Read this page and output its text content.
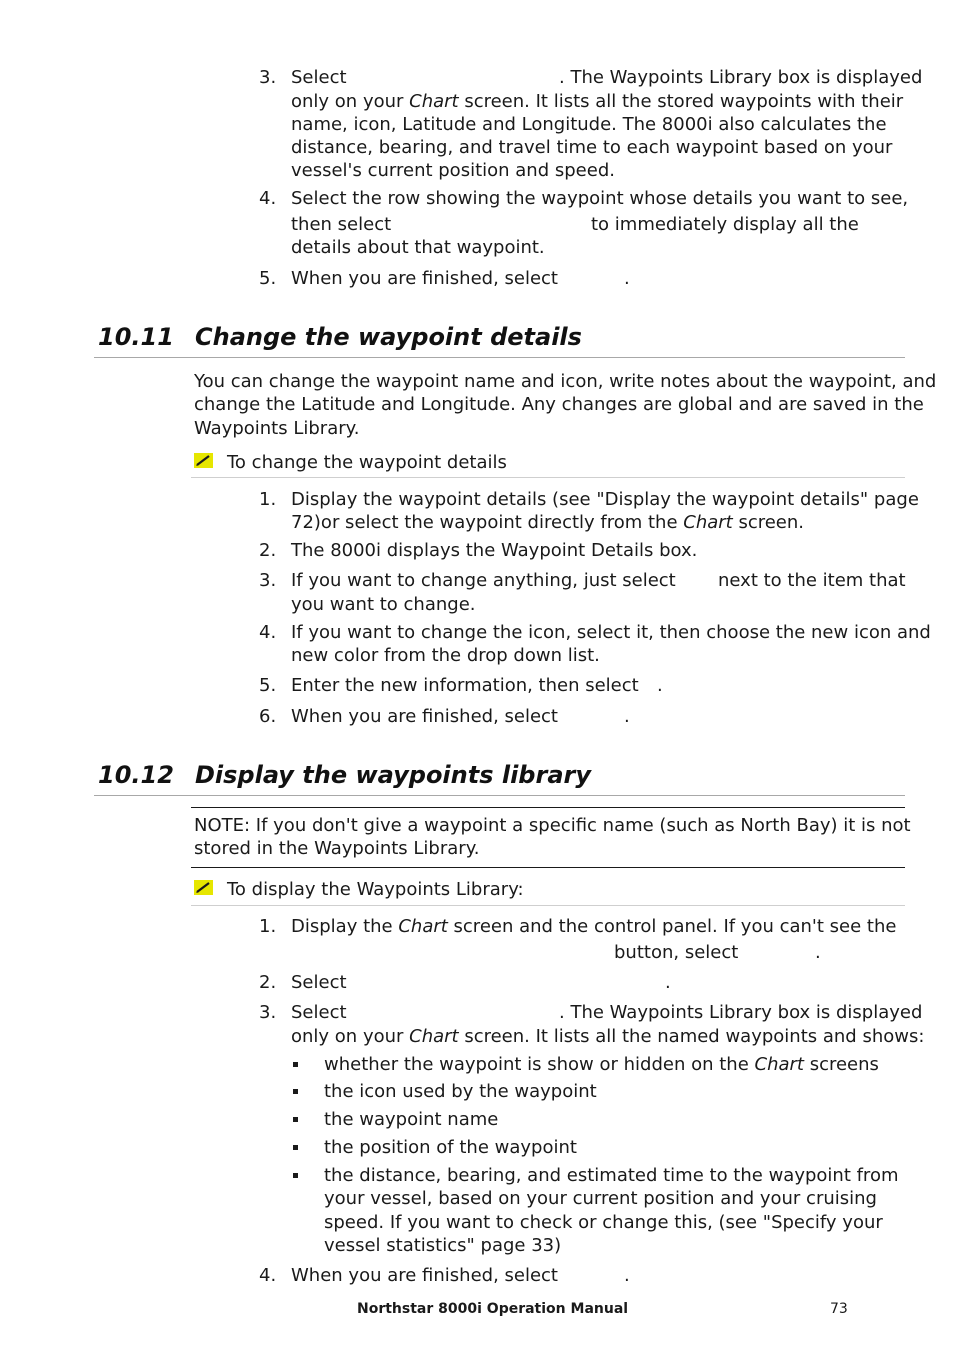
3. Select	. The Waypoints Library box is displayed
only on your Chart screen. It lists all the stored waypoints with their
name, icon, Latitude and Longitude. The 8000i also calculates the
distance, bearing, and travel time to each waypoint based on your
vessel's current position and speed.
4. Select the row showing the waypoint whose details you want to see,
then select	to immediately display all the
details about that waypoint.
5. When you are finished, select	.
10.11 Change the waypoint details
You can change the waypoint name and icon, write notes about the waypoint, and
change the Latitude and Longitude. Any changes are global and are saved in the
Waypoints Library.
To change the waypoint details
1. Display the waypoint details (see "Display the waypoint details" page
72)or select the waypoint directly from the Chart screen.
2. The 8000i displays the Waypoint Details box.
3. If you want to change anything, just select next to the item that
you want to change.
4. If you want to change the icon, select it, then choose the new icon and
new color from the drop down list.
5. Enter the new information, then select .
6. When you are finished, select	.
10.12 Display the waypoints library
NOTE: If you don't give a waypoint a specific name (such as North Bay) it is not
stored in the Waypoints Library.
To display the Waypoints Library:
1. Display the Chart screen and the control panel. If you can't see the
button, select	.
2. Select	.
3. Select	. The Waypoints Library box is displayed
only on your Chart screen. It lists all the named waypoints and shows:
whether the waypoint is show or hidden on the Chart screens
the icon used by the waypoint
the waypoint name
the position of the waypoint
the distance, bearing, and estimated time to the waypoint from
your vessel, based on your current position and your cruising
speed. If you want to check or change this, (see "Specify your
vessel statistics" page 33)
4. When you are finished, select	.
Northstar 8000i Operation Manual	73
